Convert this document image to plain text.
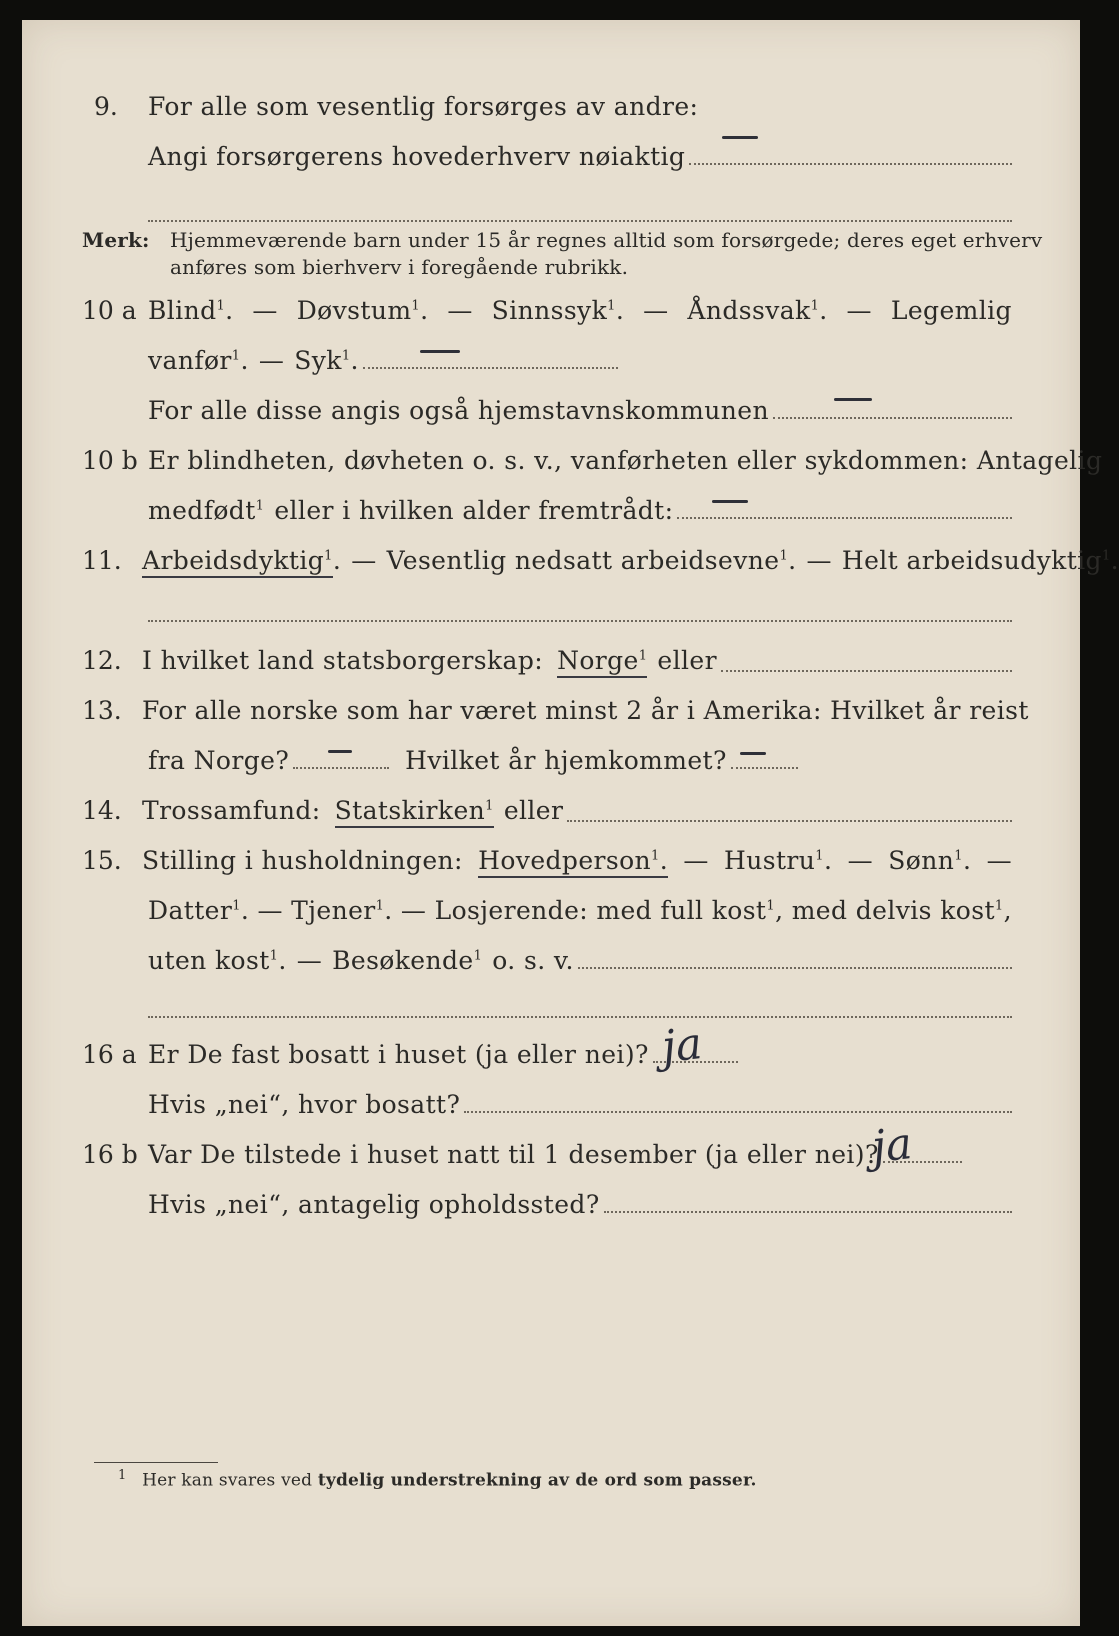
9. For alle som vesentlig forsørges av andre:
Angi forsørgerens hovederhverv nøiaktig
Merk: Hjemmeværende barn under 15 år regnes alltid som forsørgede; deres eget erhverv
anføres som bierhverv i foregående rubrikk.
10 a Blind$^1$. — Døvstum$^1$. — Sinnssyk$^1$. — Åndssvak$^1$. — Legemlig
vanfør$^1$. — Syk$^1$.
For alle disse angis også hjemstavnskommunen
10 b Er blindheten, døvheten o. s. v., vanførheten eller sykdommen: Antagelig
medfødt$^1$ eller i hvilken alder fremtrådt:
11. Arbeidsdyktig$^1$ . — Vesentlig nedsatt arbeidsevne$^1$. — Helt arbeidsudyktig$^1$.
12. I hvilket land statsborgerskap: Norge$^1$ eller
13. For alle norske som har været minst 2 år i Amerika: Hvilket år reist
fra Norge?	Hvilket år hjemkommet?
14. Trossamfund: Statskirken$^1$ eller
15. Stilling i husholdningen: Hovedperson$^1$. — Hustru$^1$. — Sønn$^1$. —
Datter$^1$. — Tjener$^1$. — Losjerende: med full kost$^1$, med delvis kost$^1$,
uten kost$^1$. — Besøkende$^1$ o. s. v.
16 a Er De fast bosatt i huset (ja eller nei)? ja
Hvis „nei“, hvor bosatt?
16 b Var De tilstede i huset natt til 1 desember (ja eller nei)?
ja
Hvis „nei“, antagelig opholdssted?
$^1$ Her kan svares ved tydelig understrekning av de ord som passer.
